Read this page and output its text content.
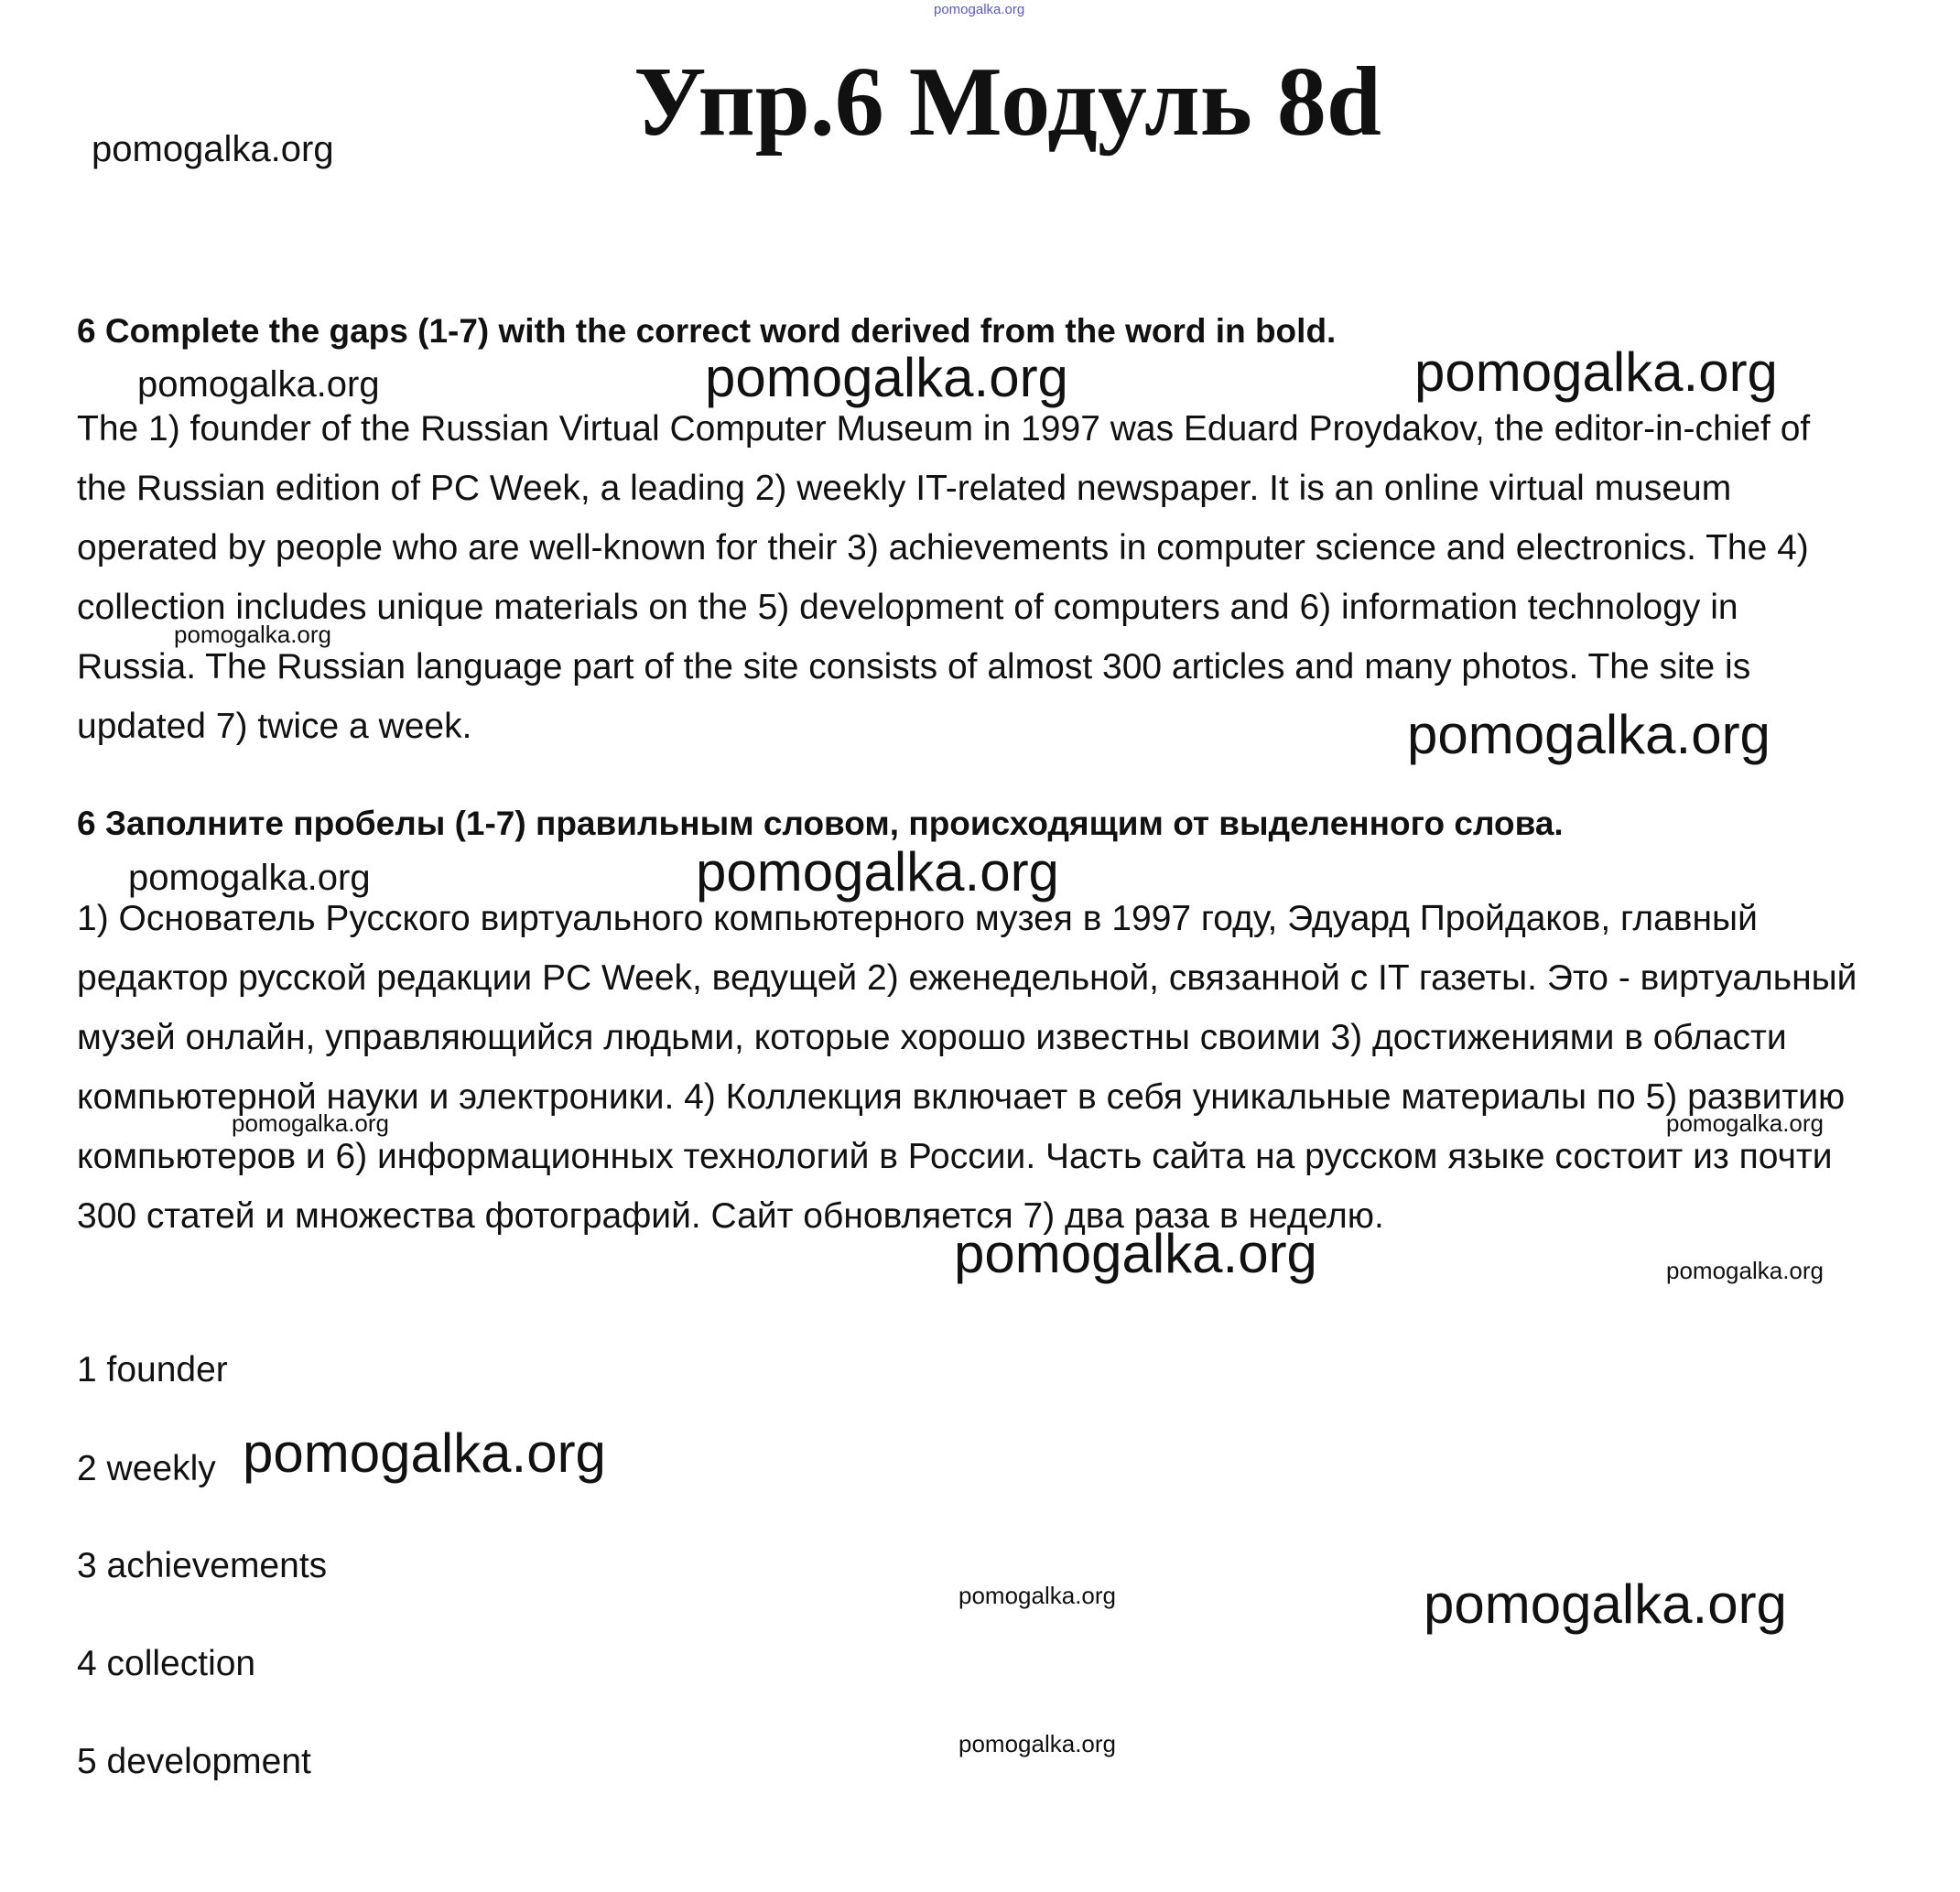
pomogalka.org
Упр.6 Модуль 8d
pomogalka.org

6 Complete the gaps (1-7) with the correct word derived from the word in bold.

pomogalka.org	pomogalka.org	pomogalka.org

The 1) founder of the Russian Virtual Computer Museum in 1997 was Eduard Proydakov, the editor-in-chief of the Russian edition of PC Week, a leading 2) weekly IT-related newspaper. It is an online virtual museum operated by people who are well-known for their 3) achievements in computer science and electronics. The 4) collection includes unique materials on the 5) development of computers and 6) information technology in Russia. The Russian language part of the site consists of almost 300 articles and many photos. The site is updated 7) twice a week.

pomogalka.org
pomogalka.org

6 Заполните пробелы (1-7) правильным словом, происходящим от выделенного слова.

pomogalka.org	pomogalka.org

1) Основатель Русского виртуального компьютерного музея в 1997 году, Эдуард Пройдаков, главный редактор русской редакции PC Week, ведущей 2) еженедельной, связанной с IT газеты. Это - виртуальный музей онлайн, управляющийся людьми, которые хорошо известны своими 3) достижениями в области компьютерной науки и электроники. 4) Коллекция включает в себя уникальные материалы по 5) развитию компьютеров и 6) информационных технологий в России. Часть сайта на русском языке состоит из почти 300 статей и множества фотографий. Сайт обновляется 7) два раза в неделю.

pomogalka.org	pomogalka.org
pomogalka.org	pomogalka.org

1 founder

2 weekly pomogalka.org

3 achievements

pomogalka.org	pomogalka.org

4 collection

pomogalka.org

5 development
